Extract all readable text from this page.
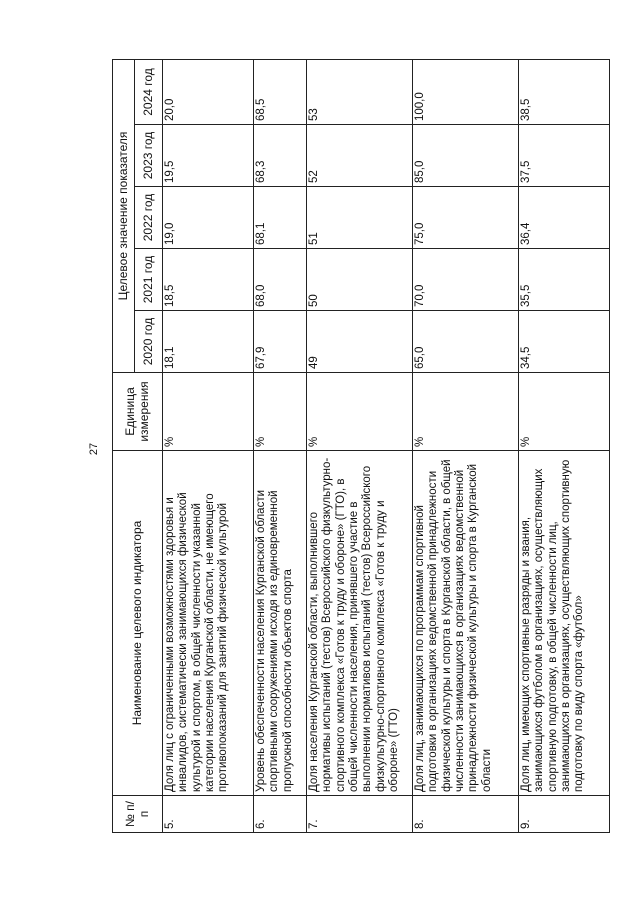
27
№ п/п	Наименование целевого индикатора	Единица измерения	Целевое значение показателя				
			2020 год	2021 год	2022 год	2023 год	2024 год
5.	Доля лиц с ограниченными возможностями здоровья и инвалидов, систематически занимающихся физической культурой и спортом, в общей численности указанной категории населения Курганской области, не имеющего противопоказаний для занятий физической культурой	%	18,1	18,5	19,0	19,5	20,0
6.	Уровень обеспеченности населения Курганской области спортивными сооружениями исходя из единовременной пропускной способности объектов спорта	%	67,9	68,0	68,1	68,3	68,5
7.	Доля населения Курганской области, выполнившего нормативы испытаний (тестов) Всероссийского физкультурно-спортивного комплекса «Готов к труду и обороне» (ГТО), в общей численности населения, принявшего участие в выполнении нормативов испытаний (тестов) Всероссийского физкультурно-спортивного комплекса «Готов к труду и обороне» (ГТО)	%	49	50	51	52	53
8.	Доля лиц, занимающихся по программам спортивной подготовки в организациях ведомственной принадлежности физической культуры и спорта в Курганской области, в общей численности занимающихся в организациях ведомственной принадлежности физической культуры и спорта в Курганской области	%	65,0	70,0	75,0	85,0	100,0
9.	Доля лиц, имеющих спортивные разряды и звания, занимающихся футболом в организациях, осуществляющих спортивную подготовку, в общей численности лиц, занимающихся в организациях, осуществляющих спортивную подготовку по виду спорта «футбол»	%	34,5	35,5	36,4	37,5	38,5
